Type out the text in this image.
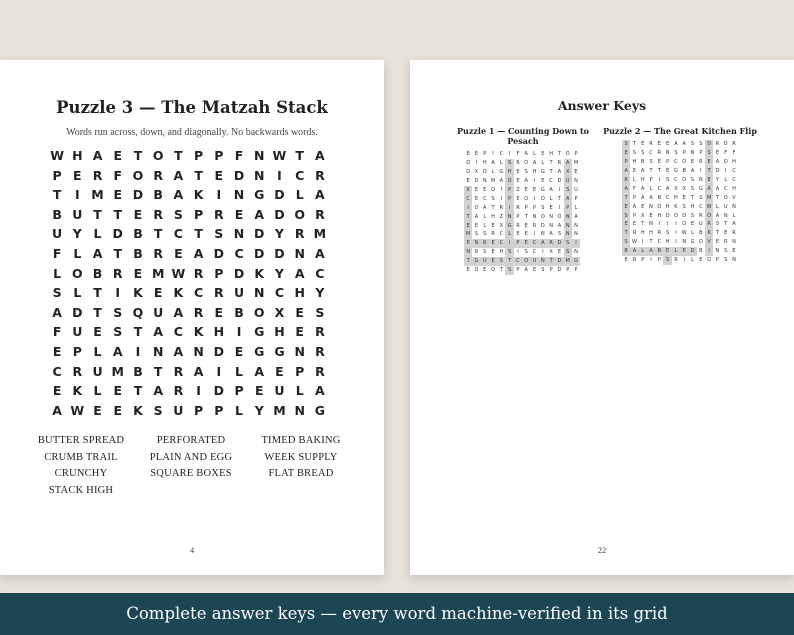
Puzzle 3 — The Matzah Stack
Words run across, down, and diagonally. No backwards words.
W H A E T O T P P F N W T A
P E R F O R A T E D N	I	C R
T	I M E D B A K	I	N G D L A
B U T T E R S P R E A D O R
U Y L D B T C T S N D Y R M
F L A T B R E A D C D D N A
L O B R E M W R P D K Y A C
S L T	I	K E K C R U N C H Y
A D T S Q U A R E B O X E S
F U E S T A C K H	I	G H E R
E P L A	I	N A N D E G G N R
C R U M B T R A	I	L A E P R
E K L E T A R	I	D P E U L A
A W E E K S U P P L Y M N G
BUTTER SPREAD	PERFORATED	TIMED BAKING
CRUMB TRAIL	PLAIN AND EGG	WEEK SUPPLY
CRUNCHY	SQUARE BOXES	FLAT BREAD
STACK HIGH
4
Answer Keys
Puzzle 1 — Counting Down to Pesach
Puzzle 2 — The Great Kitchen Flip
E	E	P	I	C	I	F	A	L	E H T O P
D	I	H A	L	S R O A	L	T	R A M
D X O L G H E	S H G T	A X	E
E D N M A O E	A	I	E C D U N
X	E	E O	I	P	Z	E	E G A	I	S U
C E C S	I	P	E O	I	O L	T	A	P
I	O A	T	R	I	R	P	P	S	E	I	P	L
T	A	L	H Z N P	T N O N O N A
E	E	L	E X G R E R D N A N N
M S	S R C	L	E	E	I	N A S N N
E N R E C	I	P	E C A R D S	I
N R S	E H S	I	S C	I	X	E	S N
T G U E	S	T	C O U N T D M G
E O E O T	S	P	A	E	S	P D P	P
S	T	E R E	E	A A S	S D R D R
E	S	S C R N S	P N P	S	E	F	F
P H B S	E	P	C O E R E	A O H
A	E	A	T	T	E G B A	I	T D	I	C
R	L	H P	I	S C O S N E	Y	L	C
A	F	A	L	C A X X S G A A C H
T	P	A A B C H E	T	S M T O V
E	A	E N O H K	S H C W L	U N
S	P	X	E H D O D S R O A N	L
E	E	T N	I	I	I	O E U R S	T	A
T	R H H R S	I	W L	B K	T	E R
S W	I	T	C H	I	N G O V	E R N
B A	L	A B	E	L	E D B	I	N S	E
E R	P	I	P	S R	I	L	E D P	S N
22
Complete answer keys — every word machine-verified in its grid
